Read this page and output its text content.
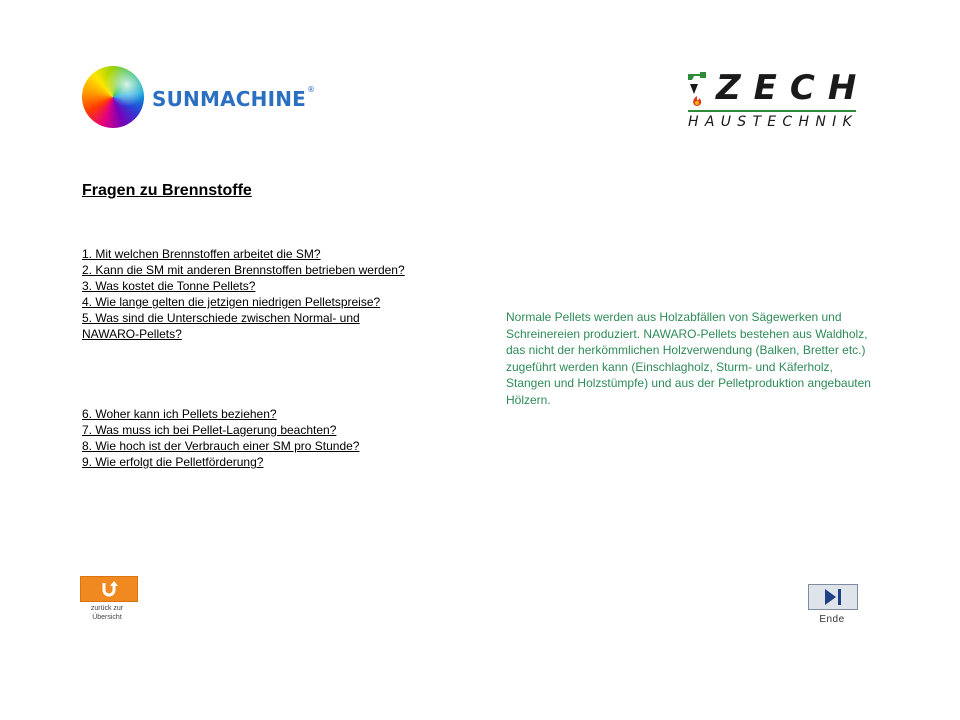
SUNMACHINE®	ZECH
HAUSTECHNIK
Fragen zu Brennstoffe
1. Mit welchen Brennstoffen arbeitet die SM?
2. Kann die SM mit anderen Brennstoffen betrieben werden?
3. Was kostet die Tonne Pellets?
4. Wie lange gelten die jetzigen niedrigen Pelletspreise?
5. Was sind die Unterschiede zwischen Normal- und NAWARO-Pellets?
6. Woher kann ich Pellets beziehen?
7. Was muss ich bei Pellet-Lagerung beachten?
8. Wie hoch ist der Verbrauch einer SM pro Stunde?
9. Wie erfolgt die Pelletförderung?

Normale Pellets werden aus Holzabfällen von Sägewerken und Schreinereien produziert. NAWARO-Pellets bestehen aus Waldholz, das nicht der herkömmlichen Holzverwendung (Balken, Bretter etc.) zugeführt werden kann (Einschlagholz, Sturm- und Käferholz, Stangen und Holzstümpfe) und aus der Pelletproduktion angebauten Hölzern.

zurück zur Übersicht	Ende
